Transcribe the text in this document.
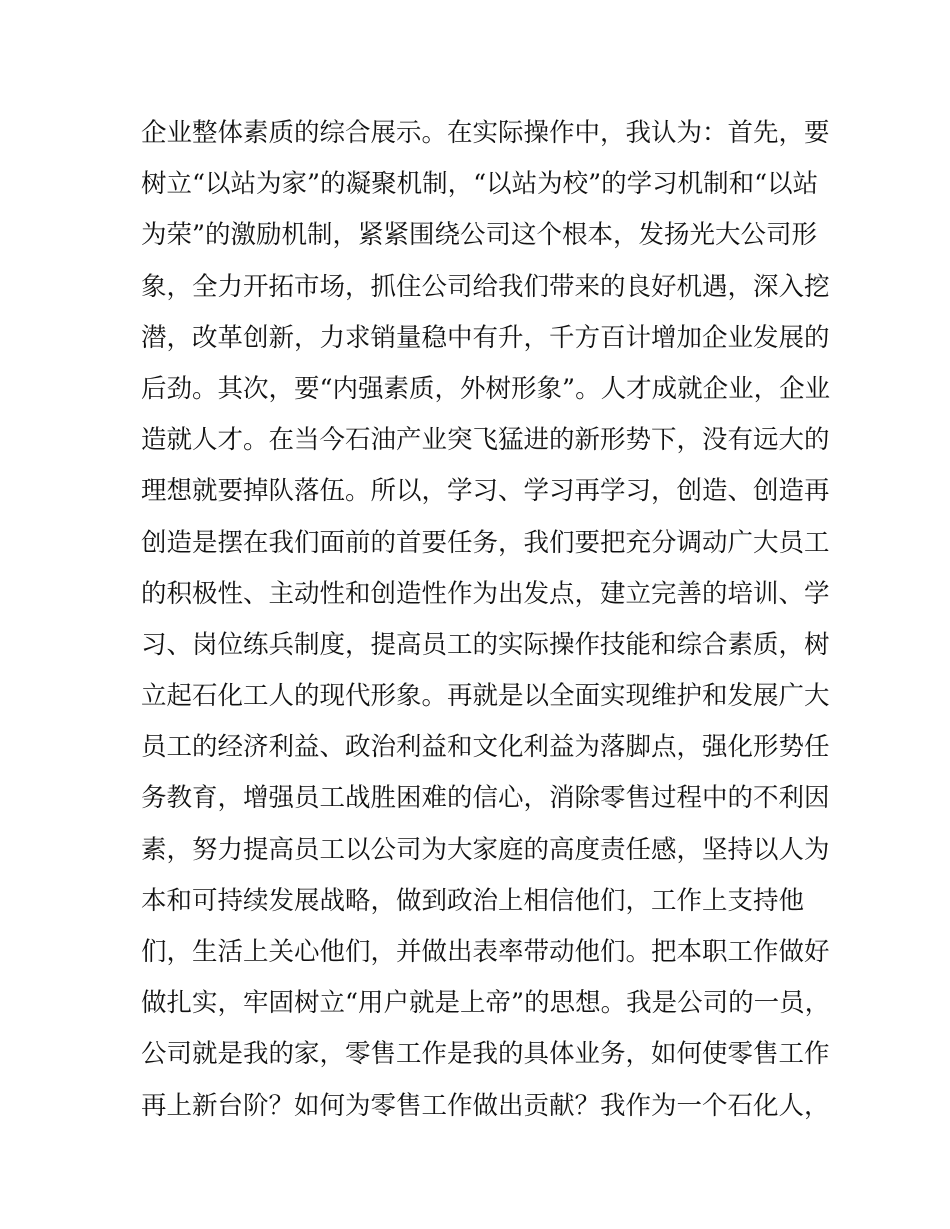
企业整体素质的综合展示。在实际操作中，我认为：首先，要
树立“以站为家”的凝聚机制，“以站为校”的学习机制和“以站
为荣”的激励机制，紧紧围绕公司这个根本，发扬光大公司形
象，全力开拓市场，抓住公司给我们带来的良好机遇，深入挖
潜，改革创新，力求销量稳中有升，千方百计增加企业发展的
后劲。其次，要“内强素质，外树形象”。人才成就企业，企业
造就人才。在当今石油产业突飞猛进的新形势下，没有远大的
理想就要掉队落伍。所以，学习、学习再学习，创造、创造再
创造是摆在我们面前的首要任务，我们要把充分调动广大员工
的积极性、主动性和创造性作为出发点，建立完善的培训、学
习、岗位练兵制度，提高员工的实际操作技能和综合素质，树
立起石化工人的现代形象。再就是以全面实现维护和发展广大
员工的经济利益、政治利益和文化利益为落脚点，强化形势任
务教育，增强员工战胜困难的信心，消除零售过程中的不利因
素，努力提高员工以公司为大家庭的高度责任感，坚持以人为
本和可持续发展战略，做到政治上相信他们，工作上支持他
们，生活上关心他们，并做出表率带动他们。把本职工作做好
做扎实，牢固树立“用户就是上帝”的思想。我是公司的一员，
公司就是我的家，零售工作是我的具体业务，如何使零售工作
再上新台阶？如何为零售工作做出贡献？我作为一个石化人，
